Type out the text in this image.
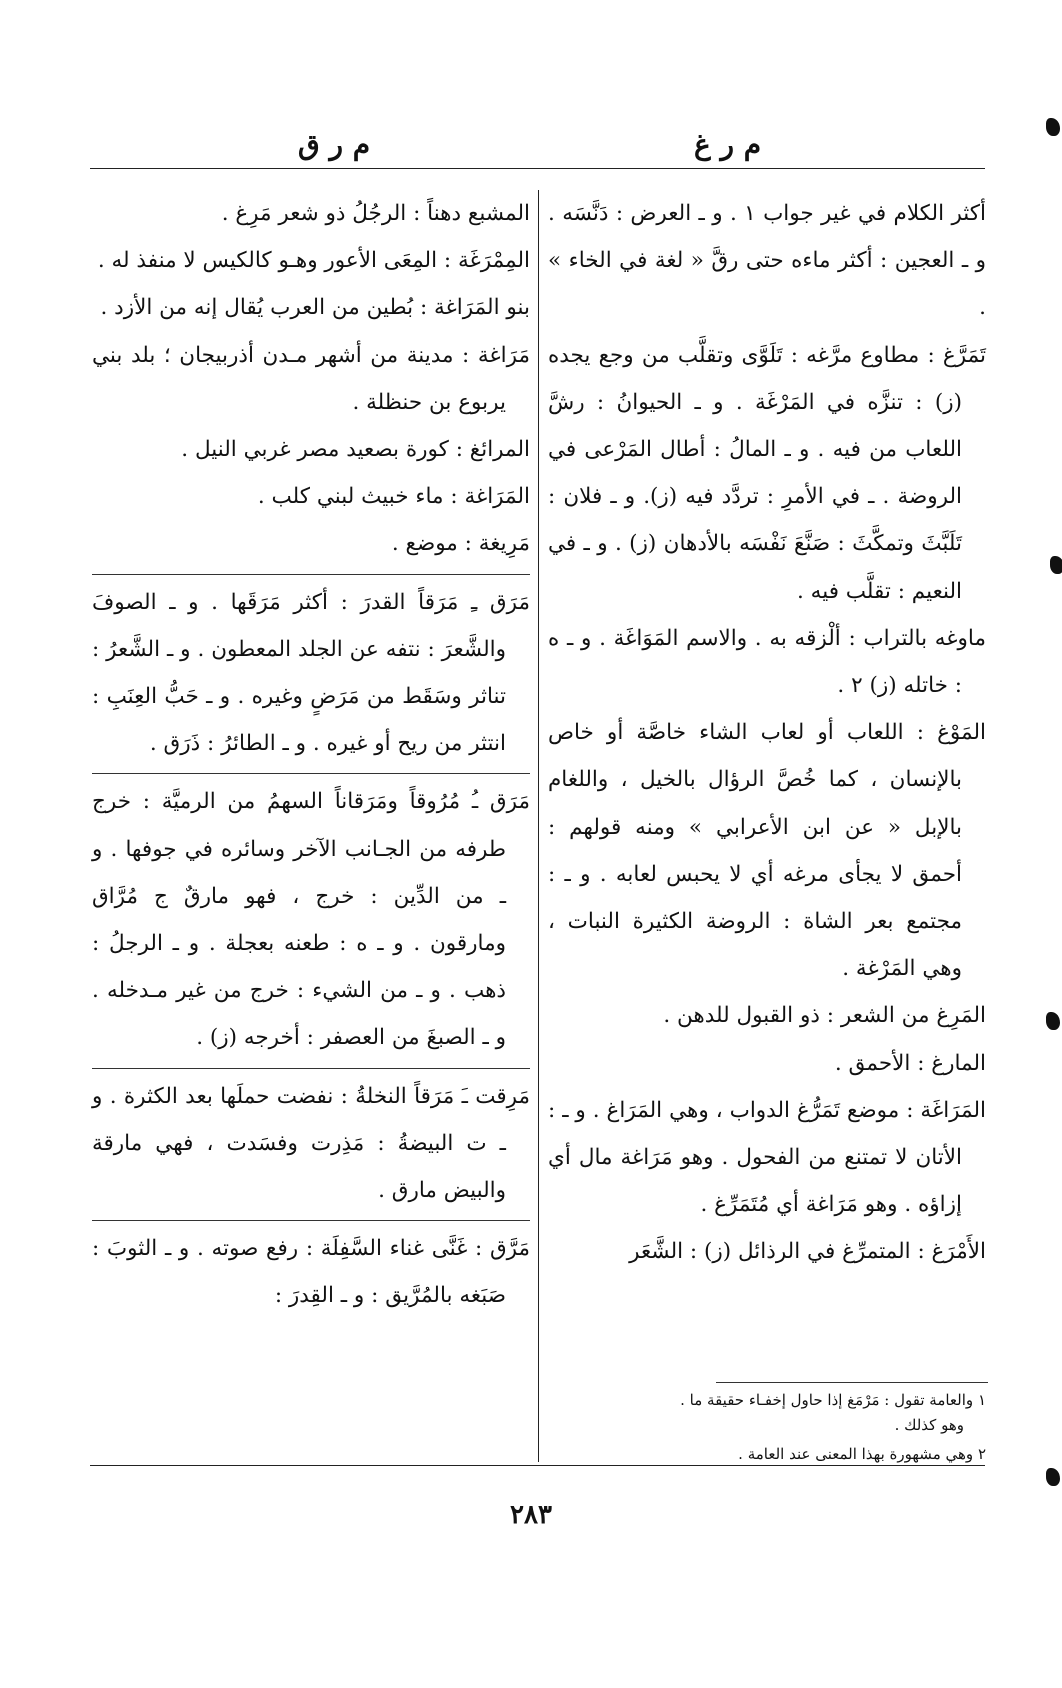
م ر غ
م ر ق

أكثر الكلام في غير جواب ١ . و ـ العرض : دَنَّسَه . و ـ العجين : أكثر ماءه حتى رقَّ « لغة في الخاء » .

تَمَرَّغ : مطاوع مرَّغه : تَلَوَّى وتقلَّب من وجع يجده (ز) : تنزَّه في المَرْغَة . و ـ الحيوانُ : رشَّ اللعاب من فيه . و ـ المالُ : أطال المَرْعى في الروضة . ـ في الأمرِ : تردَّد فيه (ز). و ـ فلان : تَلَبَّثَ وتمكَّثَ : صَنَّعَ نَفْسَه بالأدهان (ز) . و ـ في النعيم : تقلَّب فيه .

ماوغه بالتراب : ألْزقه به . والاسم المَوَاغَة . و ـ ه : خاتله (ز) ٢ .

المَوْغ : اللعاب أو لعاب الشاء خاصَّة أو خاص بالإنسان ، كما خُصَّ الرؤال بالخيل ، واللغام بالإبل « عن ابن الأعرابي » ومنه قولهم : أحمق لا يجأى مرغه أي لا يحبس لعابه . و ـ : مجتمع بعر الشاة : الروضة الكثيرة النبات ، وهي المَرْغة .

المَرِغ من الشعر : ذو القبول للدهن .

المارغ : الأحمق .

المَرَاغَة : موضع تَمَرُّغ الدواب ، وهي المَرَاغ . و ـ : الأتان لا تمتنع من الفحول . وهو مَرَاغة مال أي إزاؤه . وهو مَرَاغة أي مُتَمَرِّغ .

الأَمْرَغ : المتمرِّغ في الرذائل (ز) : الشَّعَر

المشبع دهناً : الرجُلُ ذو شعر مَرِغ .

المِمْرَغَة : المِعَى الأعور وهـو كالكيس لا منفذ له .

بنو المَرَاغة : بُطين من العرب يُقال إنه من الأزد .

مَرَاغة : مدينة من أشهر مـدن أذربيجان ؛ بلد بني يربوع بن حنظلة .

المرائغ : كورة بصعيد مصر غربي النيل .

المَرَاغة : ماء خبيث لبني كلب .

مَرِيغة : موضع .

مَرَق ـِ مَرَقاً القدرَ : أكثر مَرَقَها . و ـ الصوفَ والشَّعرَ : نتفه عن الجلد المعطون . و ـ الشَّعرُ : تناثر وسَقَط من مَرَضٍ وغيره . و ـ حَبُّ العِنَبِ : انتثر من ريح أو غيره . و ـ الطائرُ : ذَرَق .

مَرَق ـُ مُرُوقاً ومَرَقاناً السهمُ من الرميَّة : خرج طرفه من الجـانب الآخر وسائره في جوفها . و ـ من الدِّين : خرج ، فهو مارقٌ ج مُرَّاق ومارقون . و ـ ه : طعنه بعجلة . و ـ الرجلُ : ذهب . و ـ من الشيء : خرج من غير مـدخله . و ـ الصبغَ من العصفر : أخرجه (ز) .

مَرِقت ـَ مَرَقاً النخلةُ : نفضت حملَها بعد الكثرة . و ـ ت البيضةُ : مَذِرت وفسَدت ، فهي مارقة والبيض مارق .

مَرَّق : غَنَّى غناء السَّفِلَة : رفع صوته . و ـ الثوبَ : صَبَغه بالمُرَّيق : و ـ القِدرَ :

١ والعامة تقول : مَرْمَغ إذا حاول إخفـاء حقيقة ما .
وهو كذلك .

٢ وهي مشهورة بهذا المعنى عند العامة .

٢٨٣
